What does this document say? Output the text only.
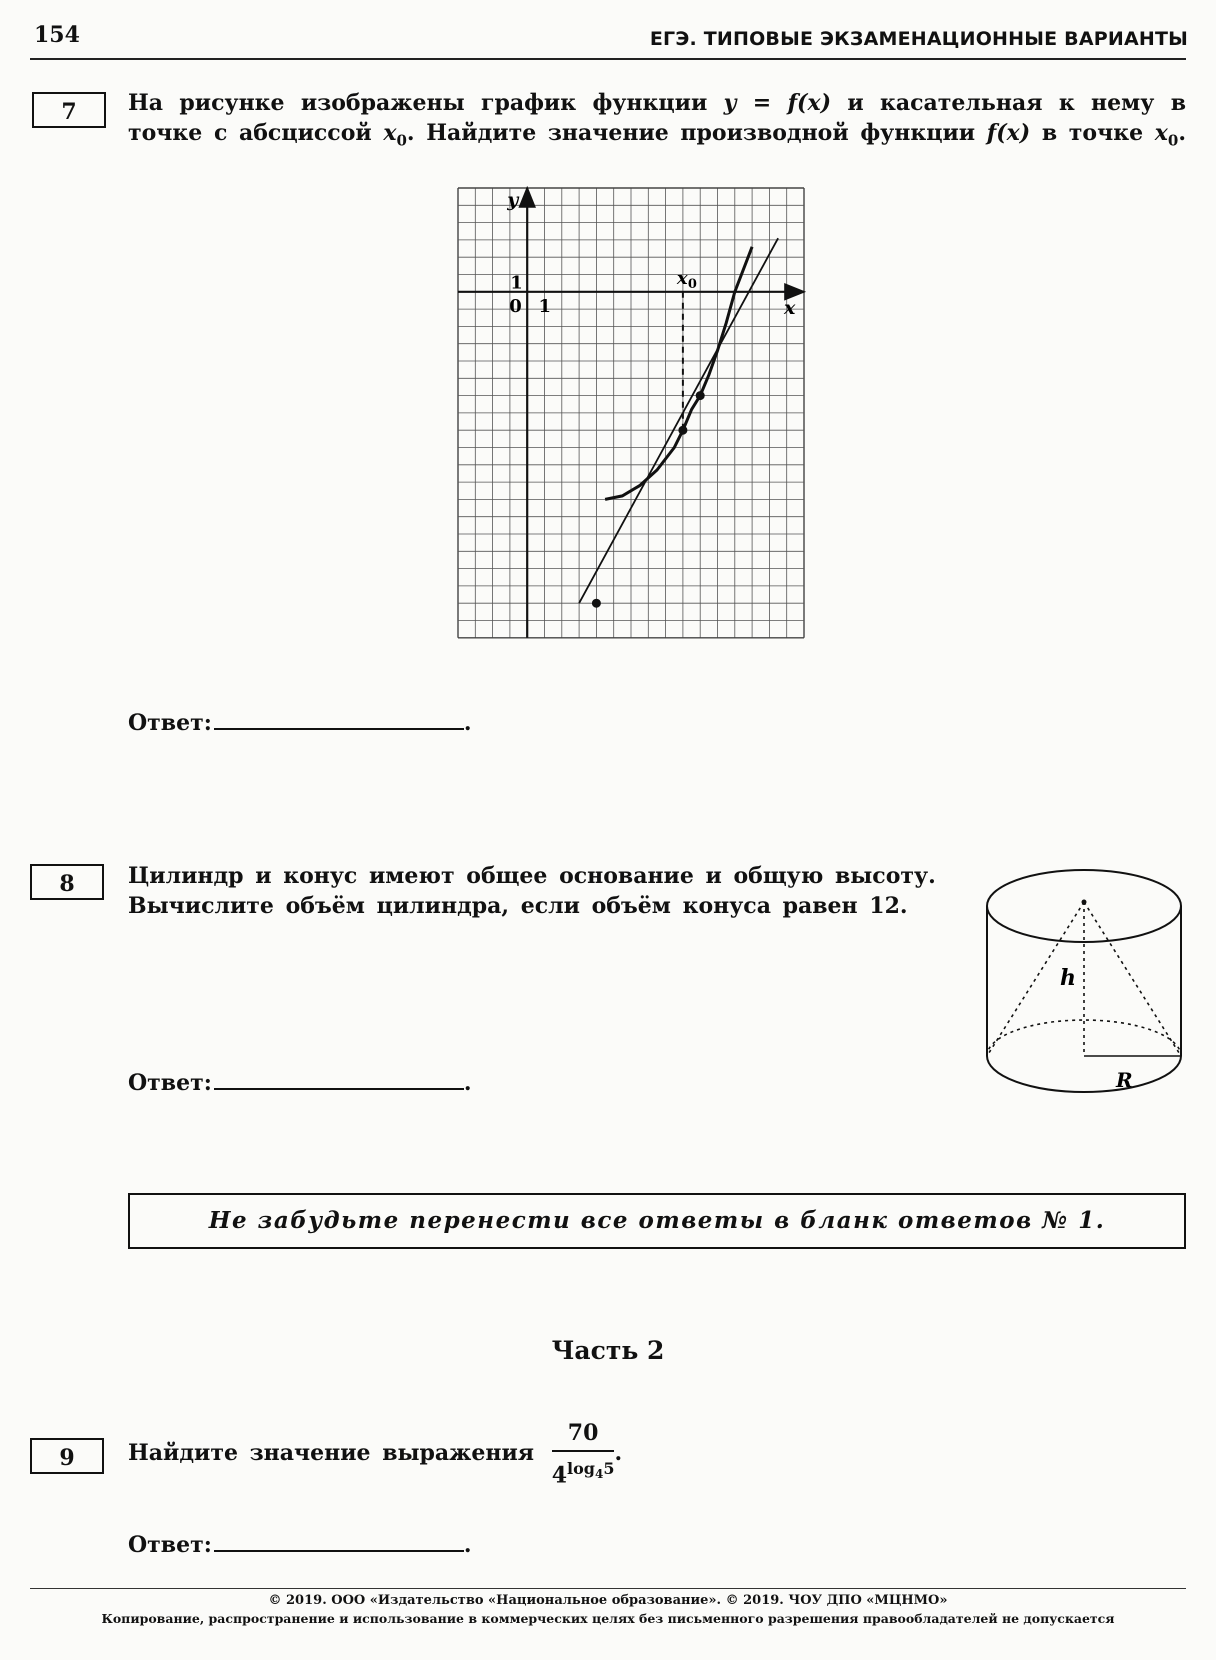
154	ЕГЭ. ТИПОВЫЕ ЭКЗАМЕНАЦИОННЫЕ ВАРИАНТЫ
7	На рисунке изображены график функции y = f(x) и касательная к нему в точке с абсциссой $x_0$. Найдите значение производной функции f(x) в точке $x_0$.
y
x
0 1
1	x 0
Ответ:	.
8	Цилиндр и конус имеют общее основание и общую высоту.
Вычислите объём цилиндра, если объём конуса равен 12.
h
R
Ответ:	.
Не забудьте перенести все ответы в бланк ответов № 1.
Часть 2
9	Найдите значение выражения $\frac{70}{4^{log_45}}$ .
Ответ:	.
© 2019. ООО «Издательство «Национальное образование». © 2019. ЧОУ ДПО «МЦНМО»
Копирование, распространение и использование в коммерческих целях без письменного разрешения правообладателей не допускается
